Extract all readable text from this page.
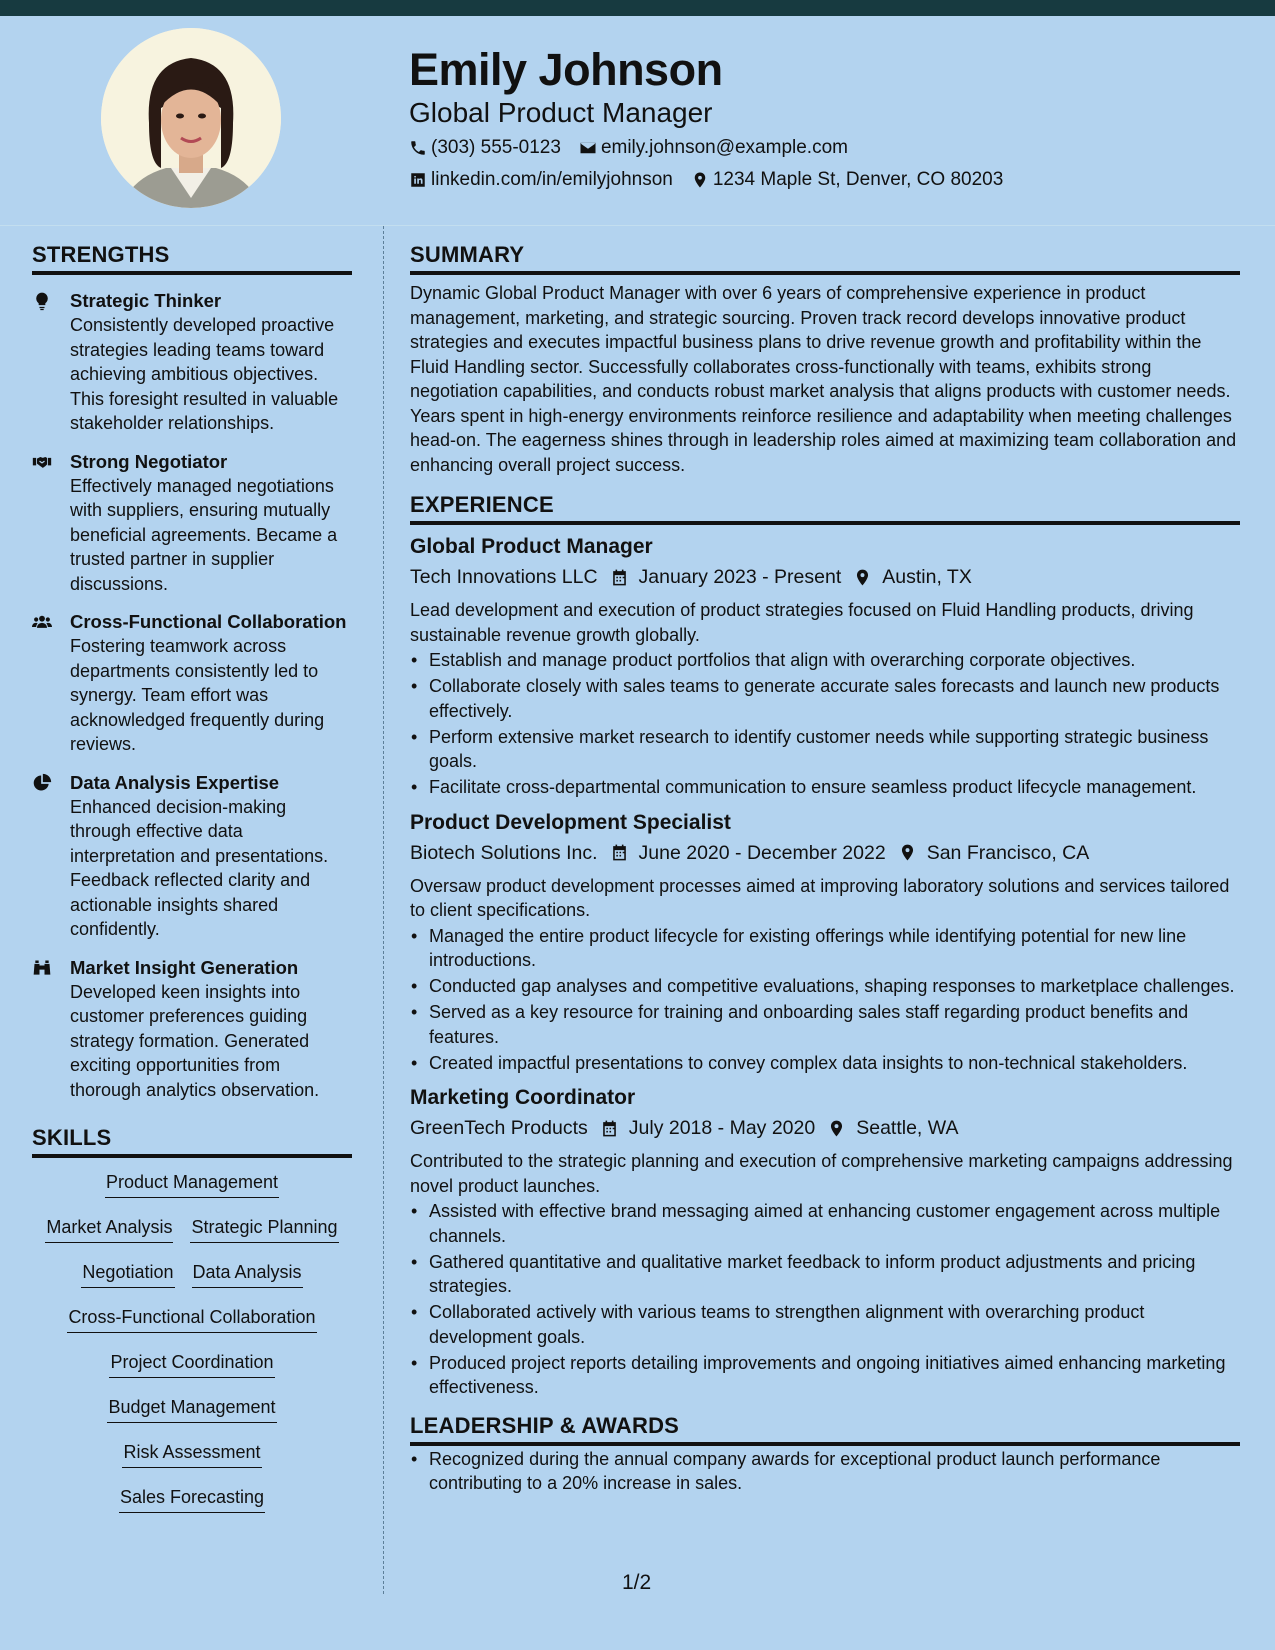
Emily Johnson
Global Product Manager
(303) 555-0123 emily.johnson@example.com
linkedin.com/in/emilyjohnson 1234 Maple St, Denver, CO 80203
STRENGTHS
Strategic Thinker
Consistently developed proactive strategies leading teams toward achieving ambitious objectives. This foresight resulted in valuable stakeholder relationships.
Strong Negotiator
Effectively managed negotiations with suppliers, ensuring mutually beneficial agreements. Became a trusted partner in supplier discussions.
Cross-Functional Collaboration
Fostering teamwork across departments consistently led to synergy. Team effort was acknowledged frequently during reviews.
Data Analysis Expertise
Enhanced decision-making through effective data interpretation and presentations. Feedback reflected clarity and actionable insights shared confidently.
Market Insight Generation
Developed keen insights into customer preferences guiding strategy formation. Generated exciting opportunities from thorough analytics observation.
SKILLS
Product Management
Market Analysis Strategic Planning
Negotiation Data Analysis
Cross-Functional Collaboration
Project Coordination
Budget Management
Risk Assessment
Sales Forecasting
SUMMARY
Dynamic Global Product Manager with over 6 years of comprehensive experience in product management, marketing, and strategic sourcing. Proven track record develops innovative product strategies and executes impactful business plans to drive revenue growth and profitability within the Fluid Handling sector. Successfully collaborates cross-functionally with teams, exhibits strong negotiation capabilities, and conducts robust market analysis that aligns products with customer needs. Years spent in high-energy environments reinforce resilience and adaptability when meeting challenges head-on. The eagerness shines through in leadership roles aimed at maximizing team collaboration and enhancing overall project success.
EXPERIENCE
Global Product Manager
Tech Innovations LLC January 2023 - Present Austin, TX
Lead development and execution of product strategies focused on Fluid Handling products, driving sustainable revenue growth globally.
• Establish and manage product portfolios that align with overarching corporate objectives.
• Collaborate closely with sales teams to generate accurate sales forecasts and launch new products effectively.
• Perform extensive market research to identify customer needs while supporting strategic business goals.
• Facilitate cross-departmental communication to ensure seamless product lifecycle management.
Product Development Specialist
Biotech Solutions Inc. June 2020 - December 2022 San Francisco, CA
Oversaw product development processes aimed at improving laboratory solutions and services tailored to client specifications.
• Managed the entire product lifecycle for existing offerings while identifying potential for new line introductions.
• Conducted gap analyses and competitive evaluations, shaping responses to marketplace challenges.
• Served as a key resource for training and onboarding sales staff regarding product benefits and features.
• Created impactful presentations to convey complex data insights to non-technical stakeholders.
Marketing Coordinator
GreenTech Products July 2018 - May 2020 Seattle, WA
Contributed to the strategic planning and execution of comprehensive marketing campaigns addressing novel product launches.
• Assisted with effective brand messaging aimed at enhancing customer engagement across multiple channels.
• Gathered quantitative and qualitative market feedback to inform product adjustments and pricing strategies.
• Collaborated actively with various teams to strengthen alignment with overarching product development goals.
• Produced project reports detailing improvements and ongoing initiatives aimed enhancing marketing effectiveness.
LEADERSHIP & AWARDS
• Recognized during the annual company awards for exceptional product launch performance contributing to a 20% increase in sales.
1/2
